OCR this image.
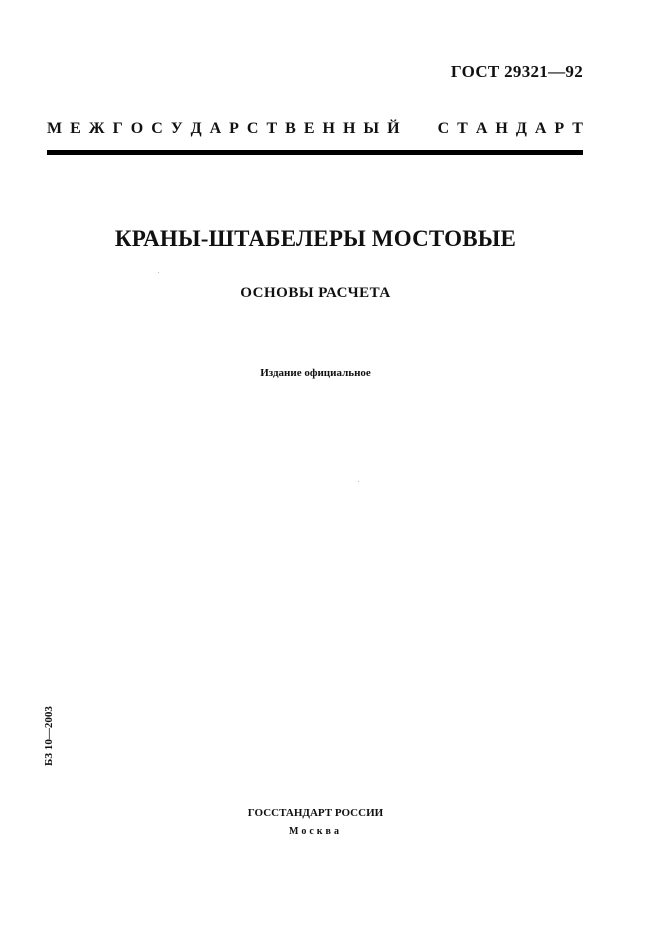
ГОСТ 29321—92
М Е Ж Г О С У Д А Р С Т В Е Н Н Ы Й С Т А Н Д А Р Т
КРАНЫ-ШТАБЕЛЕРЫ МОСТОВЫЕ
ОСНОВЫ РАСЧЕТА
Издание официальное
БЗ 10—2003
ГОССТАНДАРТ РОССИИ
Москва
